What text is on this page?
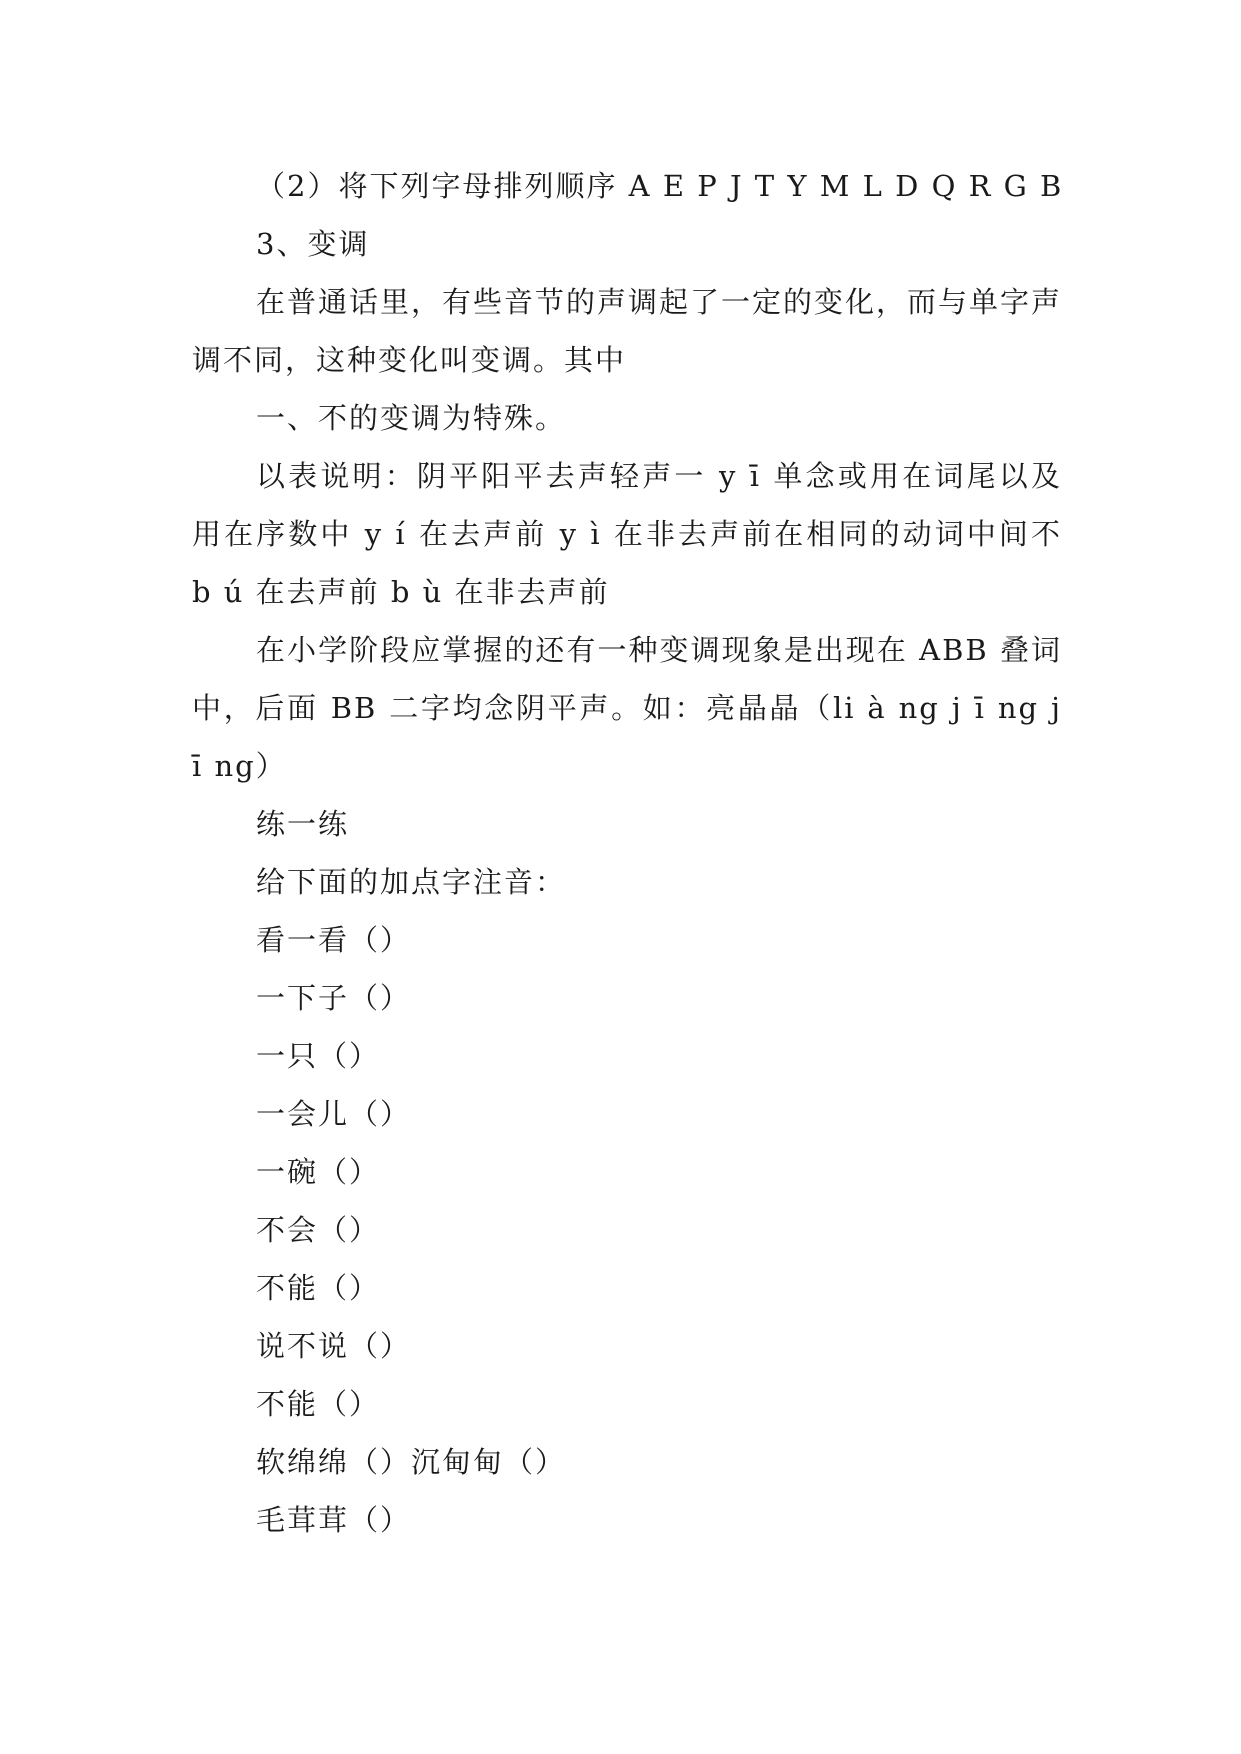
（2）将下列字母排列顺序 A E P J T Y M L D Q R G B

3、变调

在普通话里，有些音节的声调起了一定的变化，而与单字声调不同，这种变化叫变调。其中

一、不的变调为特殊。

以表说明：阴平阳平去声轻声一 y ī 单念或用在词尾以及用在序数中 y í 在去声前 y ì 在非去声前在相同的动词中间不 b ú 在去声前 b ù 在非去声前

在小学阶段应掌握的还有一种变调现象是出现在 ABB 叠词中，后面 BB 二字均念阴平声。如：亮晶晶（li à ng j ī ng j ī ng）

练一练

给下面的加点字注音：

看一看（）

一下子（）

一只（）

一会儿（）

一碗（）

不会（）

不能（）

说不说（）

不能（）

软绵绵（）沉甸甸（）

毛茸茸（）
